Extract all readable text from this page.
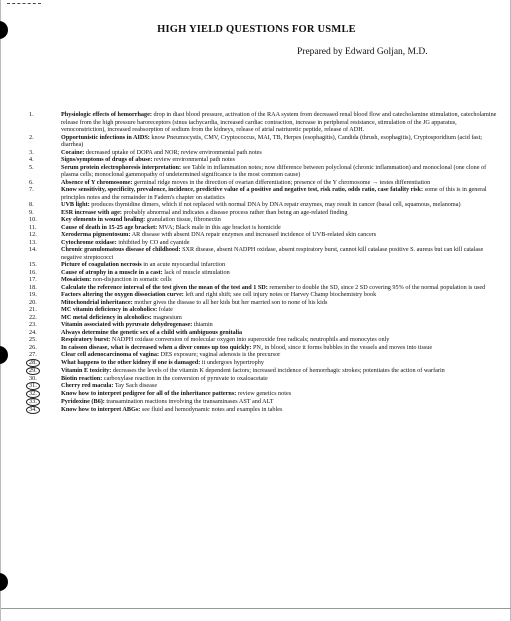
HIGH YIELD QUESTIONS FOR USMLE
Prepared by Edward Goljan, M.D.
1.	Physiologic effects of hemorrhage: drop in diast blood pressure, activation of the RAA system from decreased renal blood flow and catecholamine stimulation, catecholamine release from the high pressure baroreceptors (sinus tachycardia, increased cardiac contraction, increase in peripheral resistance, stimulation of the JG apparatus, venoconstriction), increased reabsorption of sodium from the kidneys, release of atrial natriuretic peptide, release of ADH.
2.	Opportunistic infections in AIDS: know Pneumocystis, CMV, Cryptococcus, MAI, TB, Herpes (esophagitis), Candida (thrush, esophagitis), Cryptosporidium (acid fast; diarrhea)
3.	Cocaine: decreased uptake of DOPA and NOR; review environmental path notes
4.	Signs/symptoms of drugs of abuse: review environmental path notes
5.	Serum protein electrophoresis interpretation: see Table in inflammation notes; now difference between polyclonal (chronic inflammation) and monoclonal (one clone of plasma cells; monoclonal gammopathy of undetermined significance is the most common cause)
6.	Absence of Y chromosome: germinal ridge moves in the direction of ovarian differentiation; presence of the Y chromosome → testes differentiation
7.	Know sensitivity, specificity, prevalence, incidence, predictive value of a positive and negative test, risk ratio, odds ratio, case fatality risk: some of this is in general principles notes and the remainder in Fadem's chapter on statistics
8.	UVB light: produces thymidine dimers, which if not replaced with normal DNA by DNA repair enzymes, may result in cancer (basal cell, squamous, melanoma)
9.	ESR increase with age: probably abnormal and indicates a disease process rather than being an age-related finding
10.	Key elements in wound healing: granulation tissue, fibronectin
11.	Cause of death in 15-25 age bracket: MVA; Black male in this age bracket is homicide
12.	Xeroderma pigmentosum: AR disease with absent DNA repair enzymes and increased incidence of UVB-related skin cancers
13.	Cytochrome oxidase: inhibited by CO and cyanide
14.	Chronic granulomatous disease of childhood: SXR disease, absent NADPH oxidase, absent respiratory burst, cannot kill catalase positive S. aureus but can kill catalase negative streptococci
15.	Picture of coagulation necrosis in an acute myocardial infarction
16.	Cause of atrophy in a muscle in a cast: lack of muscle stimulation
17.	Mosaicism: non-disjunction in somatic cells
18.	Calculate the reference interval of the test given the mean of the test and 1 SD: remember to double the SD, since 2 SD covering 95% of the normal population is used
19.	Factors altering the oxygen dissociation curve: left and right shift; see cell injury notes or Harvey Champ biochemistry book
20.	Mitochondrial inheritance: mother gives the disease to all her kids but her married son to none of his kids
21.	MC vitamin deficiency in alcoholics: folate
22.	MC metal deficiency in alcoholics: magnesium
23.	Vitamin associated with pyruvate dehydrogenase: thiamin
24.	Always determine the genetic sex of a child with ambiguous genitalia
25.	Respiratory burst: NADPH oxidase conversion of molecular oxygen into superoxide free radicals; neutrophils and monocytes only
26.	In caisson disease, what is decreased when a diver comes up too quickly: PN₂ in blood, since it forms bubbles in the vessels and moves into tissue
27.	Clear cell adenocarcinoma of vagina: DES exposure; vaginal adenosis is the precursor
28.	What happens to the other kidney if one is damaged: it undergoes hypertrophy
29.	Vitamin E toxicity: decreases the levels of the vitamin K dependent factors; increased incidence of hemorrhagic strokes; potentiates the action of warfarin
30.	Biotin reaction: carboxylase reaction in the conversion of pyruvate to oxaloacetate
31.	Cherry red macula: Tay Sach disease
32.	Know how to interpret pedigree for all of the inheritance patterns: review genetics notes
33.	Pyridoxine (B6): transamination reactions involving the transaminases AST and ALT
34.	Know how to interpret ABGs: see fluid and hemodynamic notes and examples in tables
